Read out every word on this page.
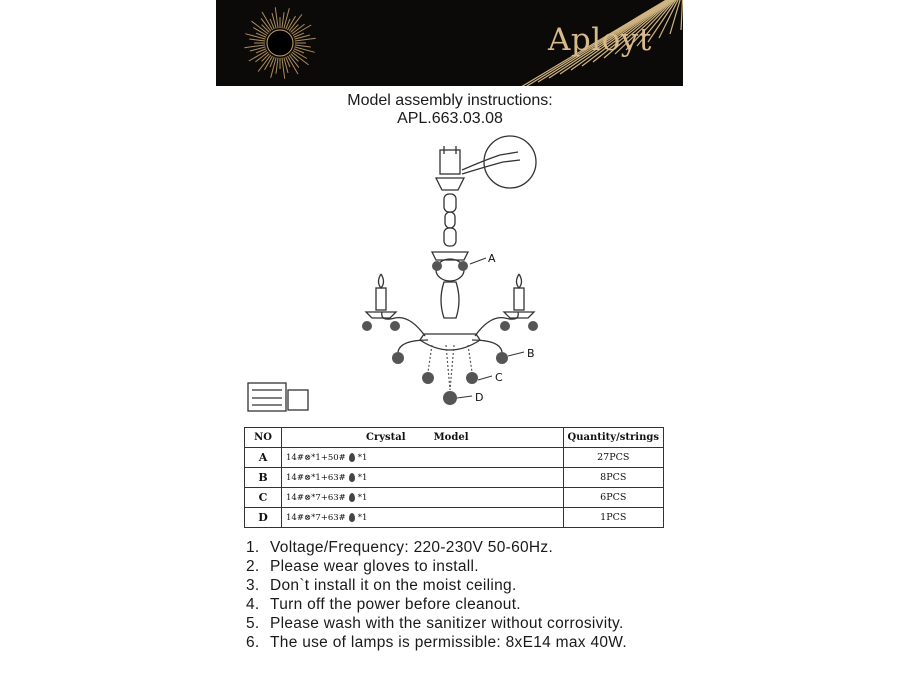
Aployt
Model assembly instructions:
APL.663.03.08
A
B
C
D
NO	Crystal Model	Quantity/strings
A	14#⊗*1+50# *1	27PCS
B	14#⊗*1+63# *1	8PCS
C	14#⊗*7+63# *1	6PCS
D	14#⊗*7+63# *1	1PCS
1. Voltage/Frequency: 220-230V 50-60Hz.
2. Please wear gloves to install.
3. Don`t install it on the moist ceiling.
4. Turn off the power before cleanout.
5. Please wash with the sanitizer without corrosivity.
6. The use of lamps is permissible: 8xE14 max 40W.
